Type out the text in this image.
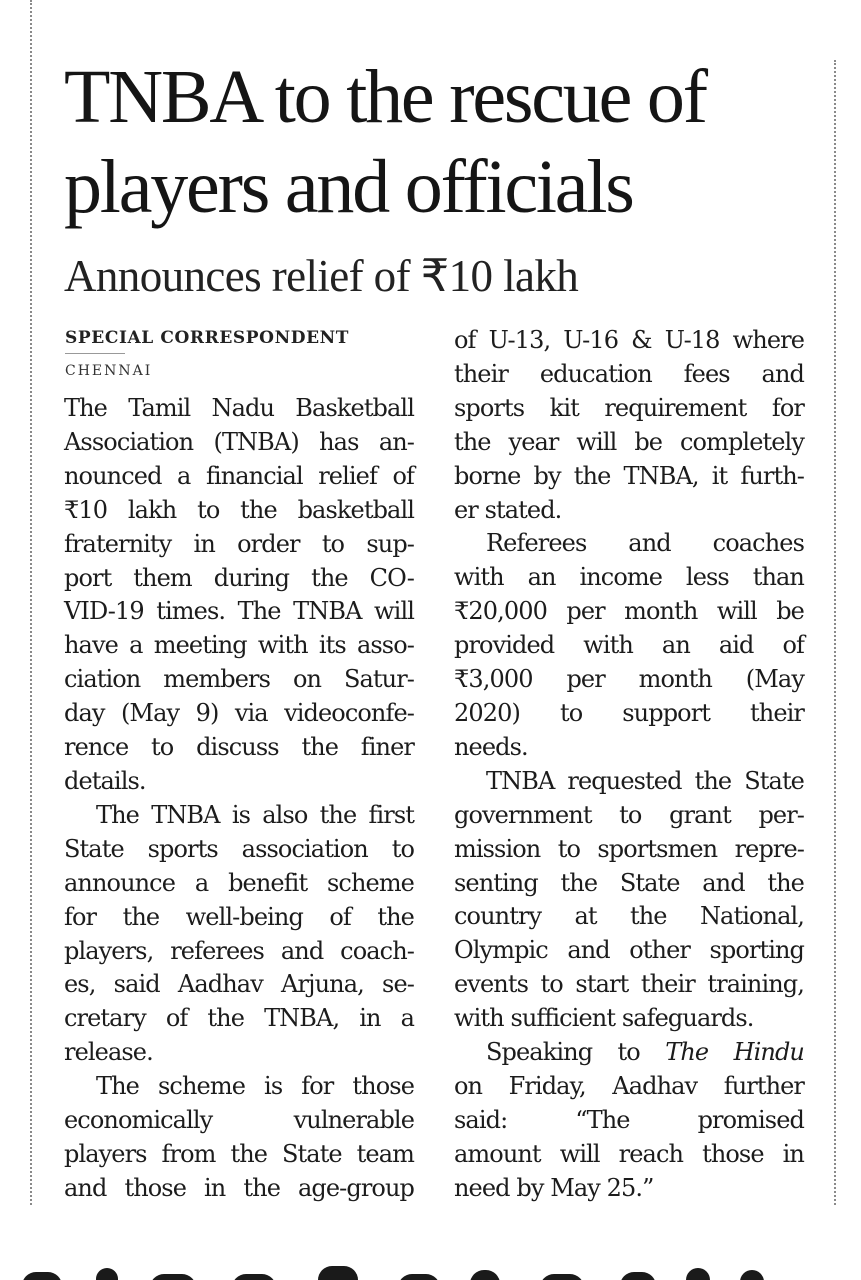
TNBA to the rescue of
players and officials
Announces relief of ₹10 lakh
SPECIAL CORRESPONDENT
CHENNAI
The Tamil Nadu Basketball
Association (TNBA) has an-
nounced a financial relief of
₹10 lakh to the basketball
fraternity in order to sup-
port them during the CO-
VID-19 times. The TNBA will
have a meeting with its asso-
ciation members on Satur-
day (May 9) via videoconfe-
rence to discuss the finer
details.
The TNBA is also the first
State sports association to
announce a benefit scheme
for the well-being of the
players, referees and coach-
es, said Aadhav Arjuna, se-
cretary of the TNBA, in a
release.
The scheme is for those
economically vulnerable
players from the State team
and those in the age-group
of U-13, U-16 & U-18 where
their education fees and
sports kit requirement for
the year will be completely
borne by the TNBA, it furth-
er stated.
Referees and coaches
with an income less than
₹20,000 per month will be
provided with an aid of
₹3,000 per month (May
2020) to support their
needs.
TNBA requested the State
government to grant per-
mission to sportsmen repre-
senting the State and the
country at the National,
Olympic and other sporting
events to start their training,
with sufficient safeguards.
Speaking to The Hindu
on Friday, Aadhav further
said: “The promised
amount will reach those in
need by May 25.”
